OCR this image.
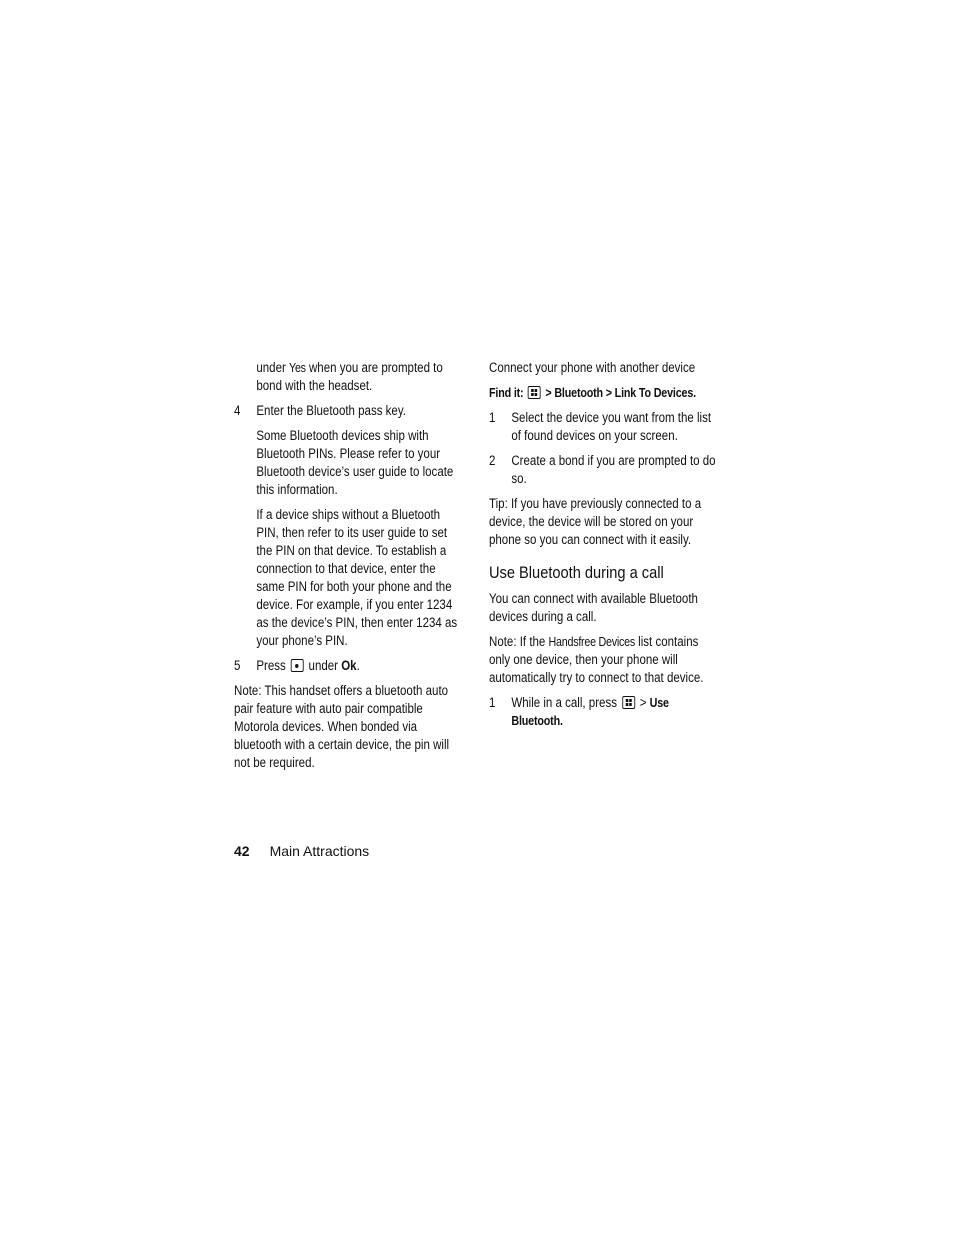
under Yes when you are prompted to bond with the headset.

4 Enter the Bluetooth pass key.

Some Bluetooth devices ship with Bluetooth PINs. Please refer to your Bluetooth device’s user guide to locate this information.

If a device ships without a Bluetooth PIN, then refer to its user guide to set the PIN on that device. To establish a connection to that device, enter the same PIN for both your phone and the device. For example, if you enter 1234 as the device’s PIN, then enter 1234 as your phone’s PIN.

5 Press  under Ok.

Note: This handset offers a bluetooth auto pair feature with auto pair compatible Motorola devices. When bonded via bluetooth with a certain device, the pin will not be required.

Connect your phone with another device

Find it:  > Bluetooth > Link To Devices.

1 Select the device you want from the list of found devices on your screen.
2 Create a bond if you are prompted to do so.

Tip: If you have previously connected to a device, the device will be stored on your phone so you can connect with it easily.

Use Bluetooth during a call

You can connect with available Bluetooth devices during a call.

Note: If the Handsfree Devices list contains only one device, then your phone will automatically try to connect to that device.

1 While in a call, press  > Use Bluetooth.
42 Main Attractions
